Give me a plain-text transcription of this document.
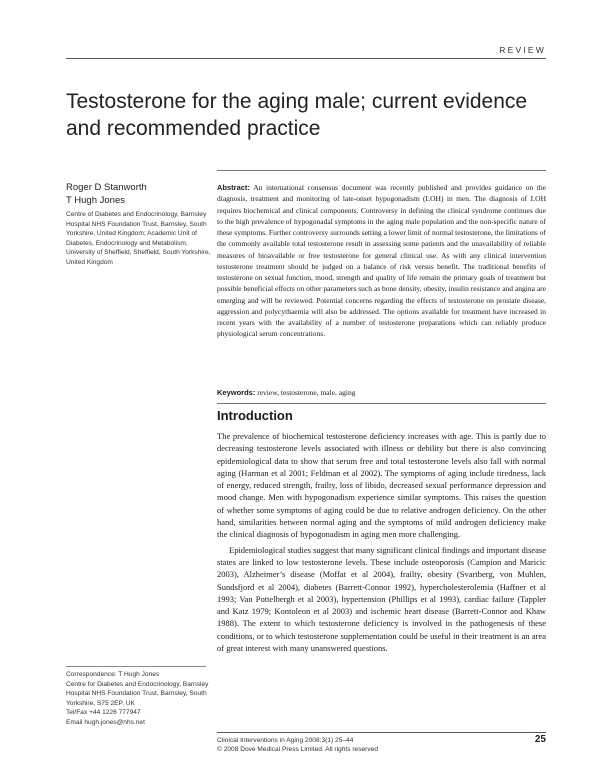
REVIEW
Testosterone for the aging male; current evidence and recommended practice
Roger D Stanworth
T Hugh Jones
Centre of Diabetes and Endocrinology, Barnsley Hospital NHS Foundation Trust, Barnsley, South Yorkshire, United Kingdom; Academic Unit of Diabetes, Endocrinology and Metabolism, University of Sheffield, Sheffield, South Yorkshire, United Kingdom
Abstract: An international consensus document was recently published and provides guidance on the diagnosis, treatment and monitoring of late-onset hypogonadism (LOH) in men. The diagnosis of LOH requires biochemical and clinical components. Controversy in defining the clinical syndrome continues due to the high prevalence of hypogonadal symptoms in the aging male population and the non-specific nature of these symptoms. Further controversy surrounds setting a lower limit of normal testosterone, the limitations of the commonly available total testosterone result in assessing some patients and the unavailability of reliable measures of bioavailable or free testosterone for general clinical use. As with any clinical intervention testosterone treatment should be judged on a balance of risk versus benefit. The traditional benefits of testosterone on sexual function, mood, strength and quality of life remain the primary goals of treatment but possible beneficial effects on other parameters such as bone density, obesity, insulin resistance and angina are emerging and will be reviewed. Potential concerns regarding the effects of testosterone on prostate disease, aggression and polycythaemia will also be addressed. The options available for treatment have increased in recent years with the availability of a number of testosterone preparations which can reliably produce physiological serum concentrations.
Keywords: review, testosterone, male, aging
Introduction

The prevalence of biochemical testosterone deficiency increases with age. This is partly due to decreasing testosterone levels associated with illness or debility but there is also convincing epidemiological data to show that serum free and total testosterone levels also fall with normal aging (Harman et al 2001; Feldman et al 2002). The symptoms of aging include tiredness, lack of energy, reduced strength, frailty, loss of libido, decreased sexual performance depression and mood change. Men with hypogonadism experience similar symptoms. This raises the question of whether some symptoms of aging could be due to relative androgen deficiency. On the other hand, similarities between normal aging and the symptoms of mild androgen deficiency make the clinical diagnosis of hypogonadism in aging men more challenging.

Epidemiological studies suggest that many significant clinical findings and important disease states are linked to low testosterone levels. These include osteoporosis (Campion and Maricic 2003), Alzheimer’s disease (Moffat et al 2004), frailty, obesity (Svartberg, von Muhlen, Sundsfjord et al 2004), diabetes (Barrett-Connor 1992), hypercholesterolemia (Haffner et al 1993; Van Pottelbergh et al 2003), hypertension (Phillips et al 1993), cardiac failure (Tappler and Katz 1979; Kontoleon et al 2003) and ischemic heart disease (Barrett-Connor and Khaw 1988). The extent to which testosterone deficiency is involved in the pathogenesis of these conditions, or to which testosterone supplementation could be useful in their treatment is an area of great interest with many unanswered questions.

Correspondence: T Hugh Jones
Centre for Diabetes and Endocrinology, Barnsley Hospital NHS Foundation Trust, Barnsley, South Yorkshire, S75 2EP, UK
Tel/Fax +44 1226 777947
Email hugh.jones@nhs.net
Clinical Interventions in Aging 2008:3(1) 25–44
© 2008 Dove Medical Press Limited. All rights reserved
25
